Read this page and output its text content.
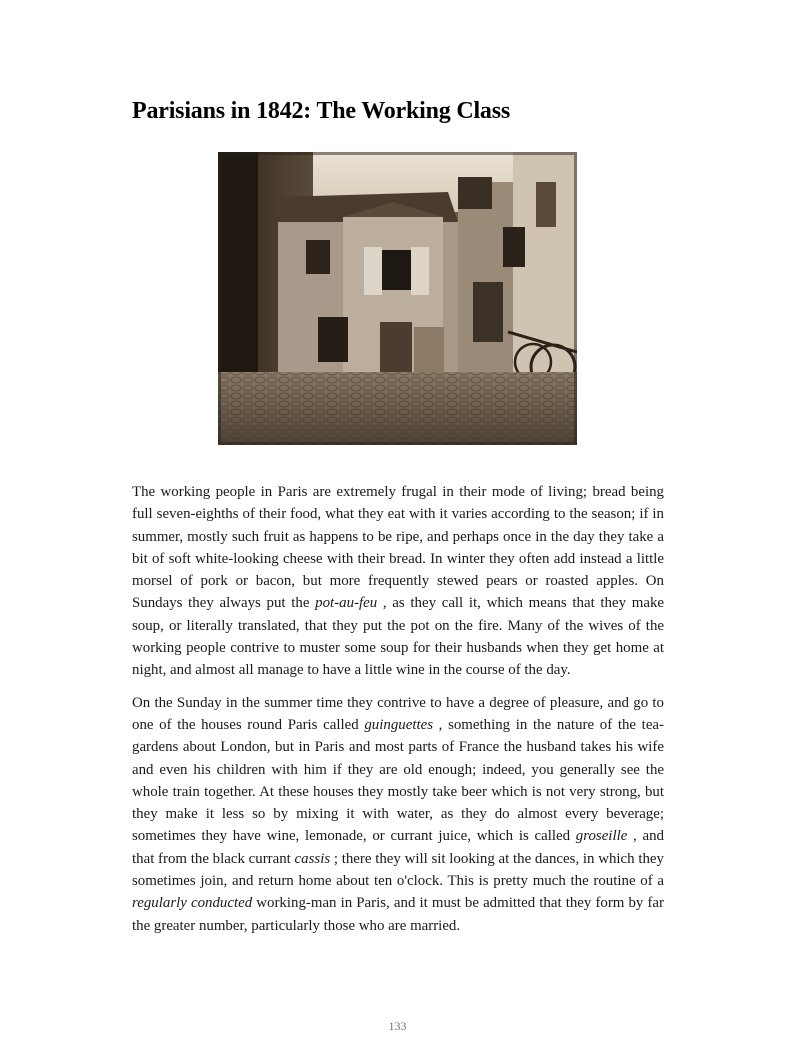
Parisians in 1842: The Working Class

The working people in Paris are extremely frugal in their mode of living; bread being full seven-eighths of their food, what they eat with it varies according to the season; if in summer, mostly such fruit as happens to be ripe, and perhaps once in the day they take a bit of soft white-looking cheese with their bread. In winter they often add instead a little morsel of pork or bacon, but more frequently stewed pears or roasted apples. On Sundays they always put the pot-au-feu , as they call it, which means that they make soup, or literally translated, that they put the pot on the fire. Many of the wives of the working people contrive to muster some soup for their husbands when they get home at night, and almost all manage to have a little wine in the course of the day.

On the Sunday in the summer time they contrive to have a degree of pleasure, and go to one of the houses round Paris called guinguettes , something in the nature of the tea-gardens about London, but in Paris and most parts of France the husband takes his wife and even his children with him if they are old enough; indeed, you generally see the whole train together. At these houses they mostly take beer which is not very strong, but they make it less so by mixing it with water, as they do almost every beverage; sometimes they have wine, lemonade, or currant juice, which is called groseille , and that from the black currant cassis ; there they will sit looking at the dances, in which they sometimes join, and return home about ten o'clock. This is pretty much the routine of a regularly conducted working-man in Paris, and it must be admitted that they form by far the greater number, particularly those who are married.

133
